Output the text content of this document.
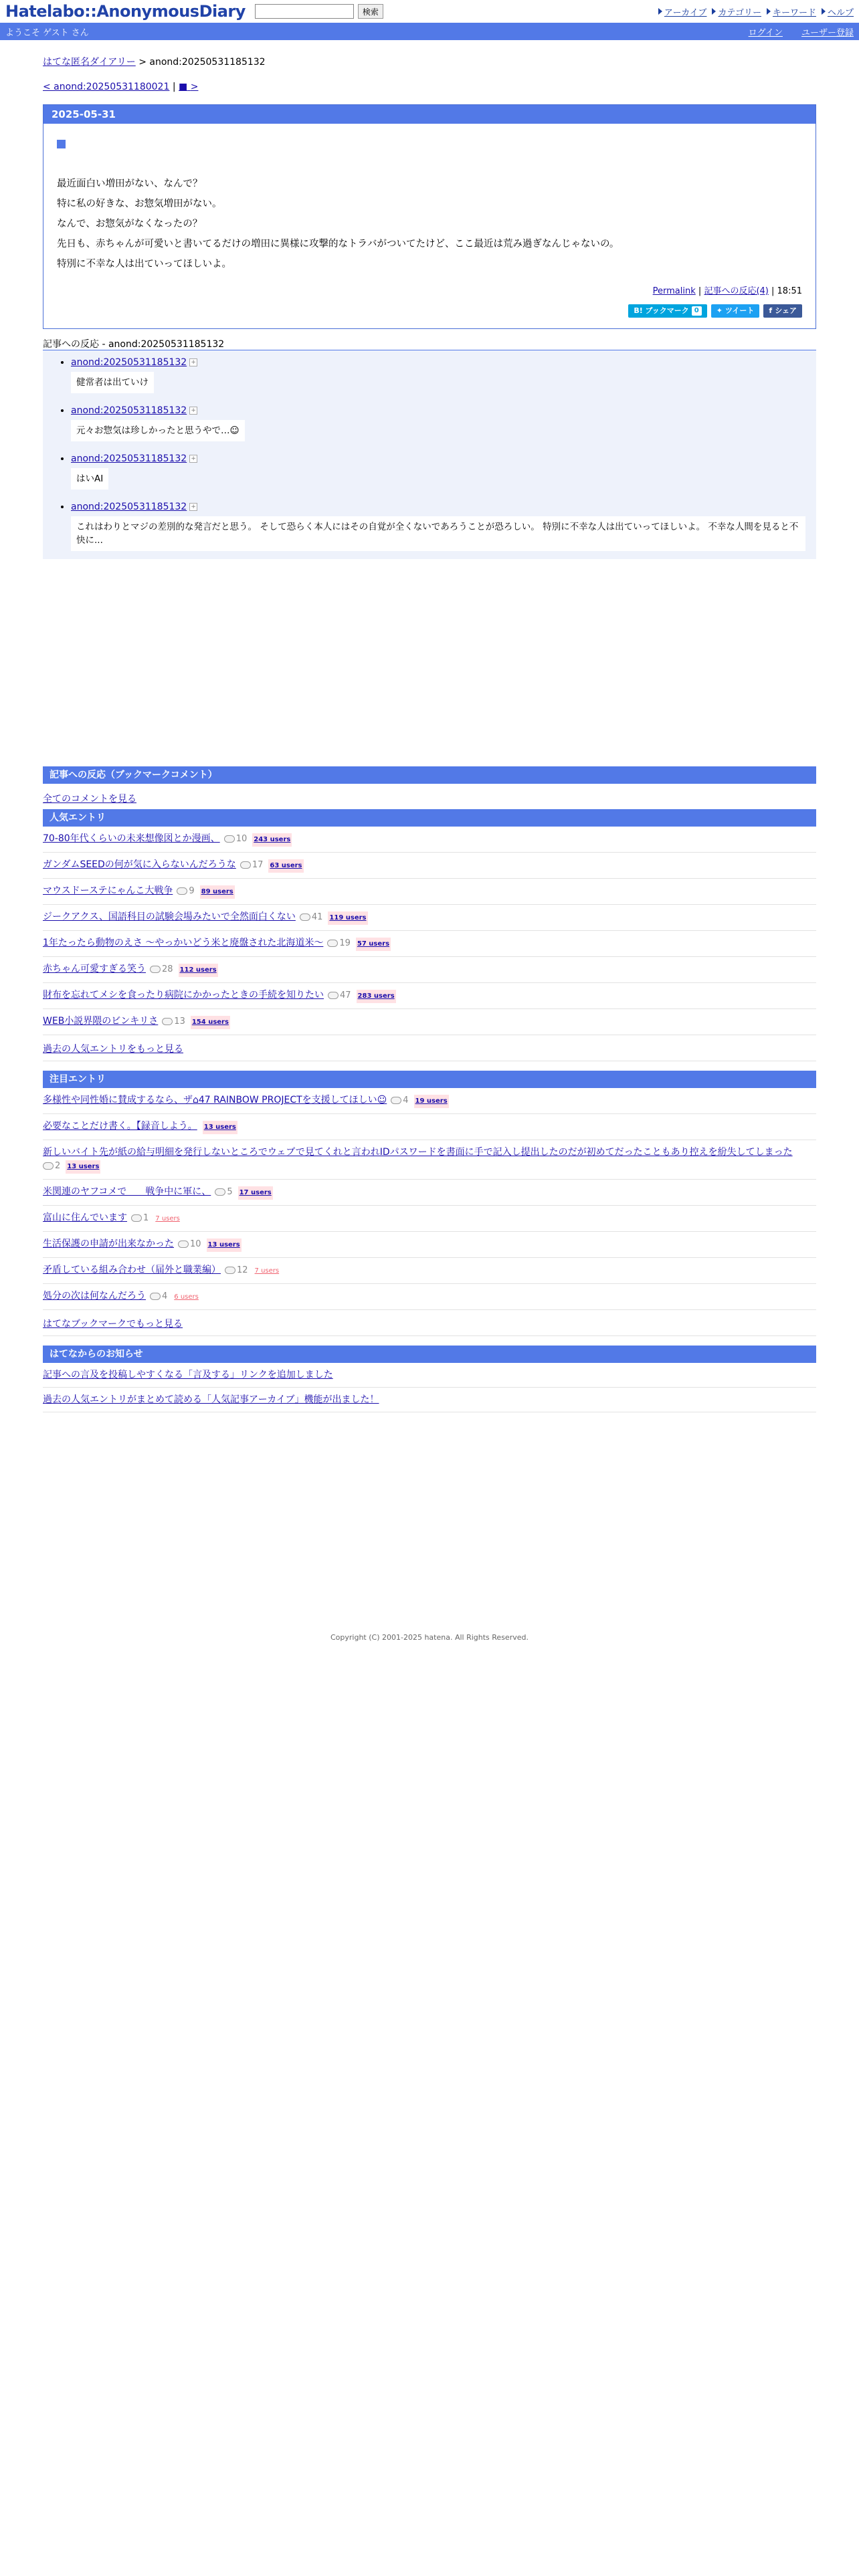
Hatelabo::AnonymousDiary	検索	アーカイブ カテゴリー キーワード ヘルプ
ようこそ ゲスト さん	ログイン ユーザー登録
はてな匿名ダイアリー > anond:20250531185132
< anond:20250531180021 | ■ >
2025-05-31

最近面白い増田がない、なんで？

特に私の好きな、お惣気増田がない。

なんで、お惣気がなくなったの？

先日も、赤ちゃんが可愛いと書いてるだけの増田に異様に攻撃的なトラバがついてたけど、ここ最近は荒み過ぎなんじゃないの。

特別に不幸な人は出ていってほしいよ。

Permalink | 記事への反応(4) | 18:51
B! ブックマーク 0	✦ ツイート f シェア
記事への反応 - anond:20250531185132
• anond:20250531185132 +
健常者は出ていけ
• anond:20250531185132 +
元々お惣気は珍しかったと思うやで…☺
• anond:20250531185132 +
はいAI
• anond:20250531185132 +

これはわりとマジの差別的な発言だと思う。 そして恐らく本人にはその自覚が全くないであろうことが恐ろしい。 特別に不幸な人は出ていってほしいよ。 不幸な人間を見ると不快に...
記事への反応（ブックマークコメント）
全てのコメントを見る
人気エントリ
70-80年代くらいの未来想像図とか漫画、 10 243 users
ガンダムSEEDの何が気に入らないんだろうな 17 63 users
マウスドーステにゃんこ大戦争 9 89 users
ジークアクス、国語科目の試験会場みたいで全然面白くない 41 119 users
1年たったら動物のえさ 〜やっかいどう米と廃盤された北海道米〜 19 57 users
赤ちゃん可愛すぎる笑う 28 112 users
財布を忘れてメシを食ったり病院にかかったときの手続を知りたい 47 283 users
WEB小説界隈のビンキリさ 13 154 users
過去の人気エントリをもっと見る
注目エントリ
多様性や同性婚に賛成するなら、ザ⌂47 RAINBOW PROJECTを支援してほしい☺ 4 19 users
必要なことだけ書く。【録音しよう。 13 users
新しいバイト先が紙の給与明細を発行しないところでウェブで見てくれと言われIDパスワードを書面に手で記入し提出したのだが初めてだったこともあり控えを紛失してしまった
2 13 users
米関連のヤフコメで　　戦争中に軍に、 5 17 users
富山に住んでいます 1 7 users
生活保護の申請が出来なかった 10 13 users
矛盾している組み合わせ（届外と職業編） 12 7 users
処分の次は何なんだろう 4 6 users
はてなブックマークでもっと見る
はてなからのお知らせ
記事への言及を投稿しやすくなる「言及する」リンクを追加しました
過去の人気エントリがまとめて読める「人気記事アーカイブ」機能が出ました！
Copyright (C) 2001-2025 hatena. All Rights Reserved.
